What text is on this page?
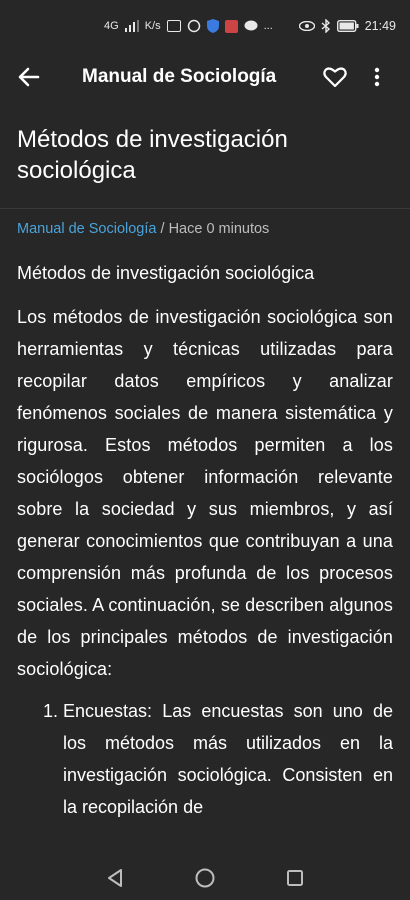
4G K/s	...	21:49
Manual de Sociología
Métodos de investigación sociológica
Manual de Sociología / Hace 0 minutos
Métodos de investigación sociológica
Los métodos de investigación sociológica son herramientas y técnicas utilizadas para recopilar datos empíricos y analizar fenómenos sociales de manera sistemática y rigurosa. Estos métodos permiten a los sociólogos obtener información relevante sobre la sociedad y sus miembros, y así generar conocimientos que contribuyan a una comprensión más profunda de los procesos sociales. A continuación, se describen algunos de los principales métodos de investigación sociológica:
1. Encuestas: Las encuestas son uno de los métodos más utilizados en la investigación sociológica. Consisten en la recopilación de
